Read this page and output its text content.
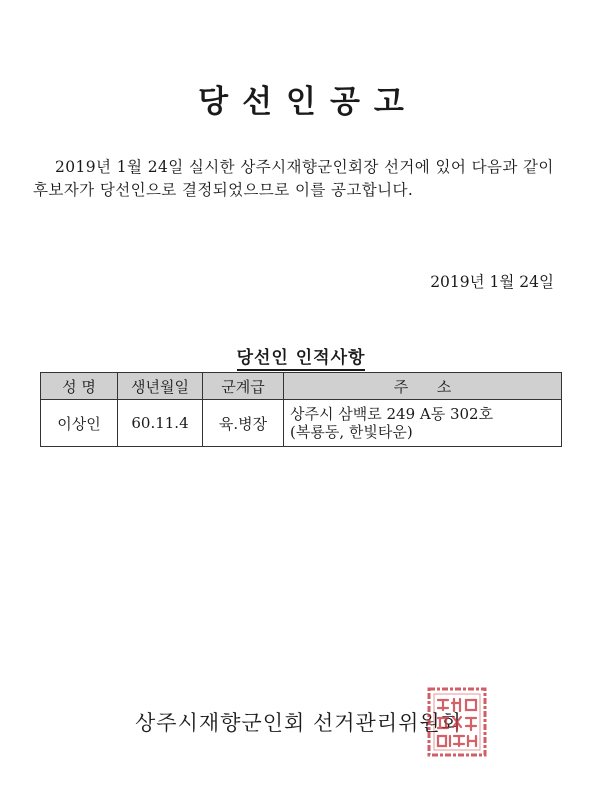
당선인공고
2019년 1월 24일 실시한 상주시재향군인회장 선거에 있어 다음과 같이 후보자가 당선인으로 결정되었으므로 이를 공고합니다.
2019년 1월 24일
당선인 인적사항
성 명	생년월일	군계급	주      소
이상인	60.11.4	육.병장	상주시 삼백로 249 A동 302호
(복룡동, 한빛타운)
상주시재향군인회 선거관리위원회
